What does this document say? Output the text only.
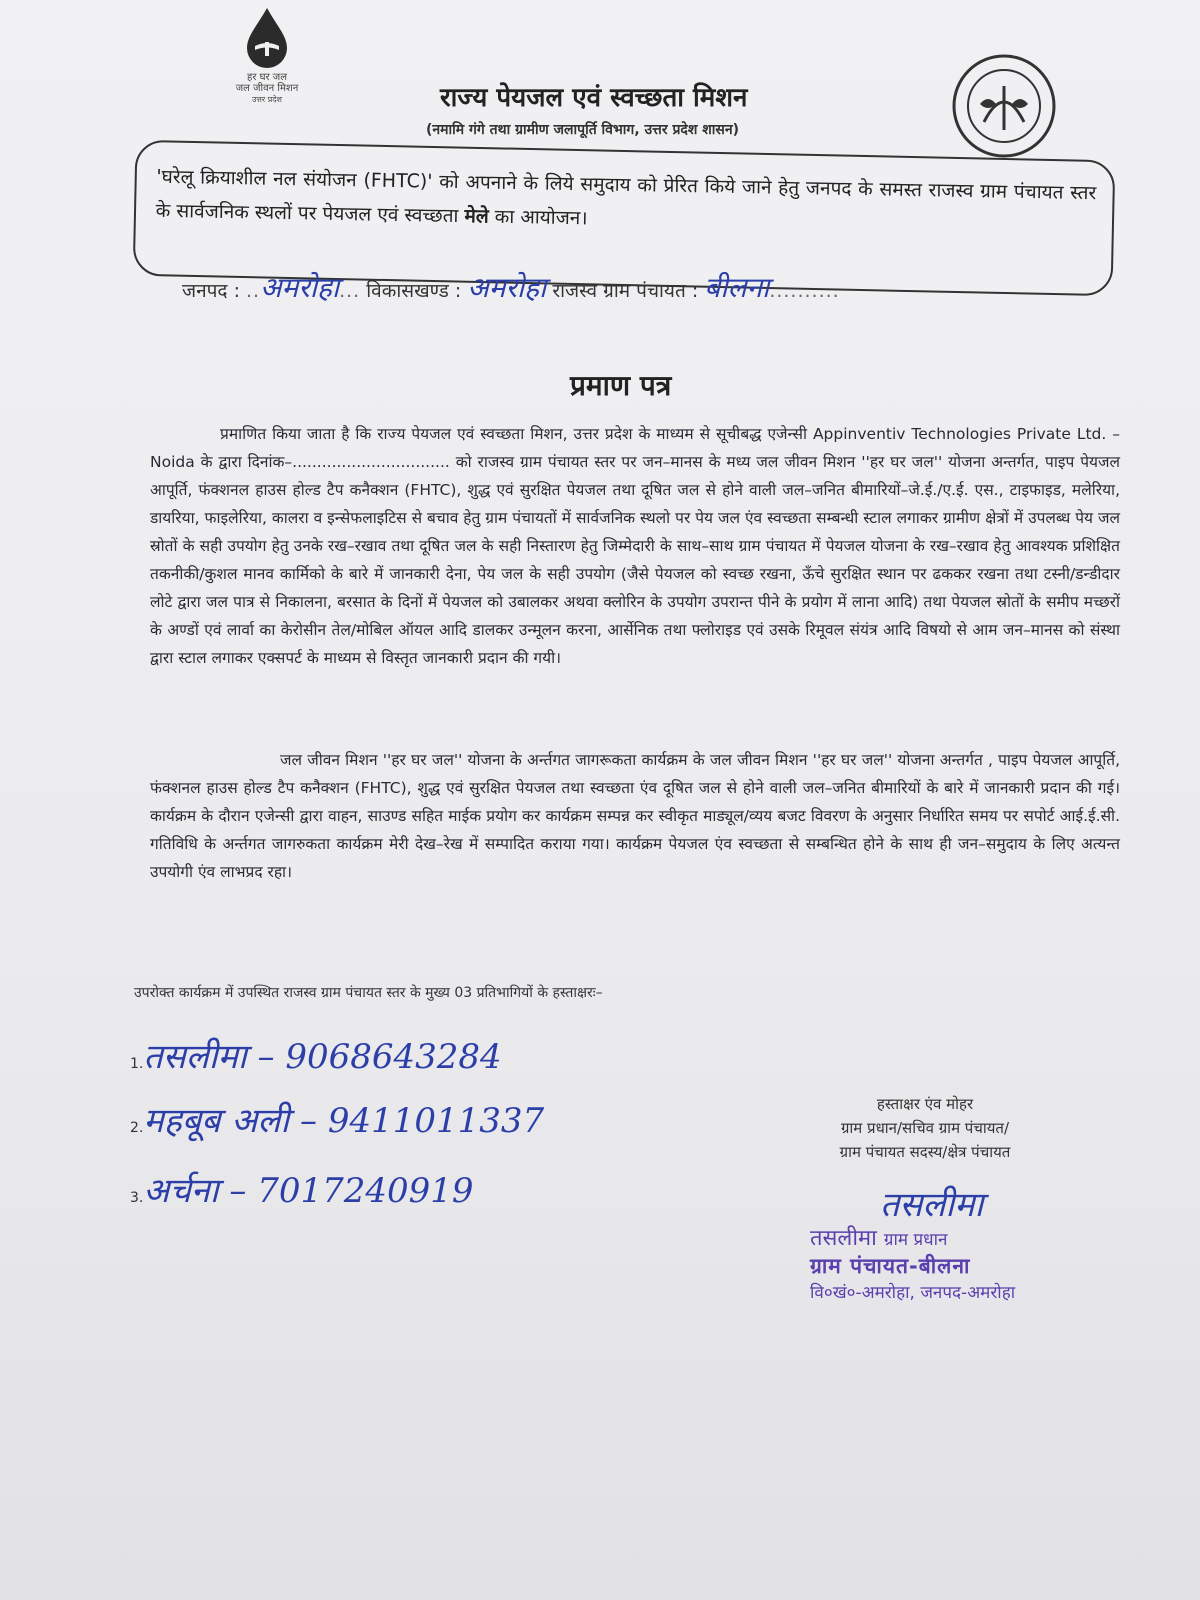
हर घर जल
जल जीवन मिशन
उत्तर प्रदेश	राज्य पेयजल एवं स्वच्छता मिशन
(नमामि गंगे तथा ग्रामीण जलापूर्ति विभाग, उत्तर प्रदेश शासन)
'घरेलू क्रियाशील नल संयोजन (FHTC)' को अपनाने के लिये समुदाय को प्रेरित किये जाने हेतु जनपद के समस्त राजस्व ग्राम पंचायत स्तर के सार्वजनिक स्थलों पर पेयजल एवं स्वच्छता मेले का आयोजन।
जनपद : ..अमरोहा... विकासखण्ड : अमरोहा राजस्व ग्राम पंचायत : बीलना..........
प्रमाण पत्र
प्रमाणित किया जाता है कि राज्य पेयजल एवं स्वच्छता मिशन, उत्तर प्रदेश के माध्यम से सूचीबद्ध एजेन्सी Appinventiv Technologies Private Ltd. – Noida के द्वारा दिनांक–................................ को राजस्व ग्राम पंचायत स्तर पर जन–मानस के मध्य जल जीवन मिशन ''हर घर जल'' योजना अन्तर्गत, पाइप पेयजल आपूर्ति, फंक्शनल हाउस होल्ड टैप कनैक्शन (FHTC), शुद्ध एवं सुरक्षित पेयजल तथा दूषित जल से होने वाली जल–जनित बीमारियों–जे.ई./ए.ई. एस., टाइफाइड, मलेरिया, डायरिया, फाइलेरिया, कालरा व इन्सेफलाइटिस से बचाव हेतु ग्राम पंचायतों में सार्वजनिक स्थलो पर पेय जल एंव स्वच्छता सम्बन्धी स्टाल लगाकर ग्रामीण क्षेत्रों में उपलब्ध पेय जल स्रोतों के सही उपयोग हेतु उनके रख–रखाव तथा दूषित जल के सही निस्तारण हेतु जिम्मेदारी के साथ–साथ ग्राम पंचायत में पेयजल योजना के रख–रखाव हेतु आवश्यक प्रशिक्षित तकनीकी/कुशल मानव कार्मिको के बारे में जानकारी देना, पेय जल के सही उपयोग (जैसे पेयजल को स्वच्छ रखना, ऊँचे सुरक्षित स्थान पर ढककर रखना तथा टस्नी/डन्डीदार लोटे द्वारा जल पात्र से निकालना, बरसात के दिनों में पेयजल को उबालकर अथवा क्लोरिन के उपयोग उपरान्त पीने के प्रयोग में लाना आदि) तथा पेयजल स्रोतों के समीप मच्छरों के अण्डों एवं लार्वा का केरोसीन तेल/मोबिल ऑयल आदि डालकर उन्मूलन करना, आर्सेनिक तथा फ्लोराइड एवं उसके रिमूवल संयंत्र आदि विषयो से आम जन–मानस को संस्था द्वारा स्टाल लगाकर एक्सपर्ट के माध्यम से विस्तृत जानकारी प्रदान की गयी।
जल जीवन मिशन ''हर घर जल'' योजना के अर्न्तगत जागरूकता कार्यक्रम के जल जीवन मिशन ''हर घर जल'' योजना अन्तर्गत , पाइप पेयजल आपूर्ति, फंक्शनल हाउस होल्ड टैप कनैक्शन (FHTC), शुद्ध एवं सुरक्षित पेयजल तथा स्वच्छता एंव दूषित जल से होने वाली जल–जनित बीमारियों के बारे में जानकारी प्रदान की गई। कार्यक्रम के दौरान एजेन्सी द्वारा वाहन, साउण्ड सहित माईक प्रयोग कर कार्यक्रम सम्पन्न कर स्वीकृत माड्यूल/व्यय बजट विवरण के अनुसार निर्धारित समय पर सपोर्ट आई.ई.सी. गतिविधि के अर्न्तगत जागरुकता कार्यक्रम मेरी देख–रेख में सम्पादित कराया गया। कार्यक्रम पेयजल एंव स्वच्छता से सम्बन्धित होने के साथ ही जन–समुदाय के लिए अत्यन्त उपयोगी एंव लाभप्रद रहा।
उपरोक्त कार्यक्रम में उपस्थित राजस्व ग्राम पंचायत स्तर के मुख्य 03 प्रतिभागियों के हस्ताक्षरः–
1.तसलीमा – 9068643284
2.महबूब अली – 9411011337
3.अर्चना – 7017240919
हस्ताक्षर एंव मोहर
ग्राम प्रधान/सचिव ग्राम पंचायत/
ग्राम पंचायत सदस्य/क्षेत्र पंचायत
तसलीमा
तसलीमा ग्राम प्रधान
ग्राम पंचायत-बीलना
वि०खं०-अमरोहा, जनपद-अमरोहा
